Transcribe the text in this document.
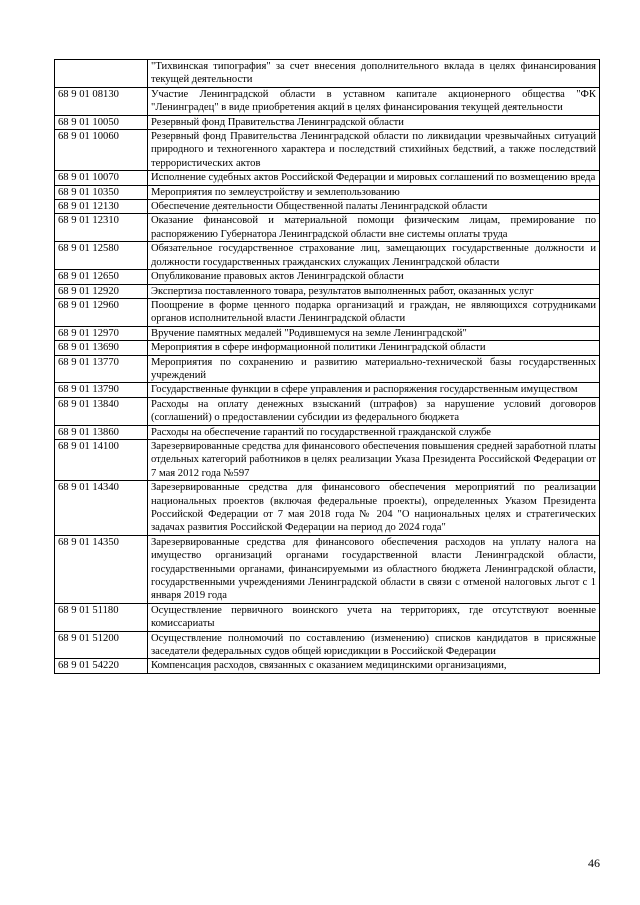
	"Тихвинская типография" за счет внесения дополнительного вклада в целях финансирования текущей деятельности
68 9 01 08130	Участие Ленинградской области в уставном капитале акционерного общества "ФК "Ленинградец" в виде приобретения акций в целях финансирования текущей деятельности
68 9 01 10050	Резервный фонд Правительства Ленинградской области
68 9 01 10060	Резервный фонд Правительства Ленинградской области по ликвидации чрезвычайных ситуаций природного и техногенного характера и последствий стихийных бедствий, а также последствий террористических актов
68 9 01 10070	Исполнение судебных актов Российской Федерации и мировых соглашений по возмещению вреда
68 9 01 10350	Мероприятия по землеустройству и землепользованию
68 9 01 12130	Обеспечение деятельности Общественной палаты Ленинградской области
68 9 01 12310	Оказание финансовой и материальной помощи физическим лицам, премирование по распоряжению Губернатора Ленинградской области вне системы оплаты труда
68 9 01 12580	Обязательное государственное страхование лиц, замещающих государственные должности и должности государственных гражданских служащих Ленинградской области
68 9 01 12650	Опубликование правовых актов Ленинградской области
68 9 01 12920	Экспертиза поставленного товара, результатов выполненных работ, оказанных услуг
68 9 01 12960	Поощрение в форме ценного подарка организаций и граждан, не являющихся сотрудниками органов исполнительной власти Ленинградской области
68 9 01 12970	Вручение памятных медалей "Родившемуся на земле Ленинградской"
68 9 01 13690	Мероприятия в сфере информационной политики Ленинградской области
68 9 01 13770	Мероприятия по сохранению и развитию материально-технической базы государственных учреждений
68 9 01 13790	Государственные функции в сфере управления и распоряжения государственным имуществом
68 9 01 13840	Расходы на оплату денежных взысканий (штрафов) за нарушение условий договоров (соглашений) о предоставлении субсидии из федерального бюджета
68 9 01 13860	Расходы на обеспечение гарантий по государственной гражданской службе
68 9 01 14100	Зарезервированные средства для финансового обеспечения повышения средней заработной платы отдельных категорий работников в целях реализации Указа Президента Российской Федерации от 7 мая 2012 года №597
68 9 01 14340	Зарезервированные средства для финансового обеспечения мероприятий по реализации национальных проектов (включая федеральные проекты), определенных Указом Президента Российской Федерации от 7 мая 2018 года № 204 "О национальных целях и стратегических задачах развития Российской Федерации на период до 2024 года"
68 9 01 14350	Зарезервированные средства для финансового обеспечения расходов на уплату налога на имущество организаций органами государственной власти Ленинградской области, государственными органами, финансируемыми из областного бюджета Ленинградской области, государственными учреждениями Ленинградской области в связи с отменой налоговых льгот с 1 января 2019 года
68 9 01 51180	Осуществление первичного воинского учета на территориях, где отсутствуют военные комиссариаты
68 9 01 51200	Осуществление полномочий по составлению (изменению) списков кандидатов в присяжные заседатели федеральных судов общей юрисдикции в Российской Федерации
68 9 01 54220	Компенсация расходов, связанных с оказанием медицинскими организациями,
46
